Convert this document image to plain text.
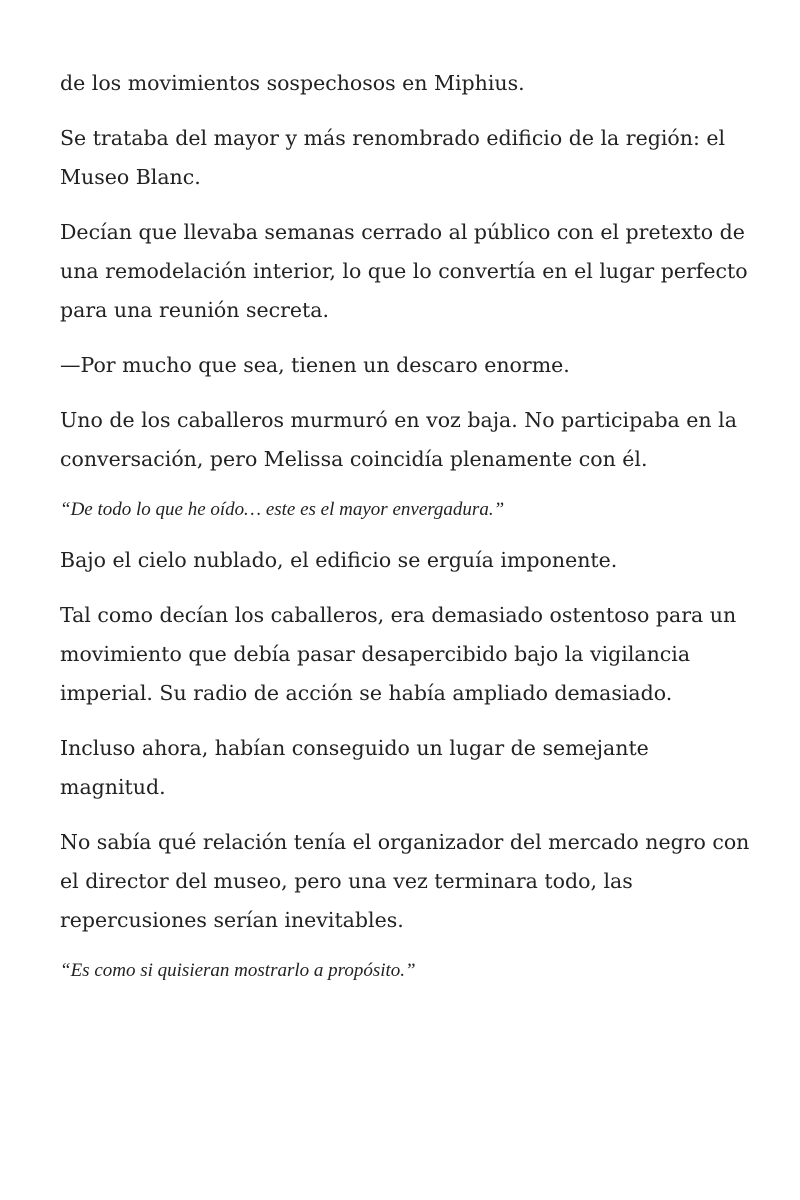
de los movimientos sospechosos en Miphius.

Se trataba del mayor y más renombrado edificio de la región: el Museo Blanc.

Decían que llevaba semanas cerrado al público con el pretexto de una remodelación interior, lo que lo convertía en el lugar perfecto para una reunión secreta.

—Por mucho que sea, tienen un descaro enorme.

Uno de los caballeros murmuró en voz baja. No participaba en la conversación, pero Melissa coincidía plenamente con él.

“De todo lo que he oído… este es el mayor envergadura.”

Bajo el cielo nublado, el edificio se erguía imponente.

Tal como decían los caballeros, era demasiado ostentoso para un movimiento que debía pasar desapercibido bajo la vigilancia imperial. Su radio de acción se había ampliado demasiado.

Incluso ahora, habían conseguido un lugar de semejante magnitud.

No sabía qué relación tenía el organizador del mercado negro con el director del museo, pero una vez terminara todo, las repercusiones serían inevitables.

“Es como si quisieran mostrarlo a propósito.”
